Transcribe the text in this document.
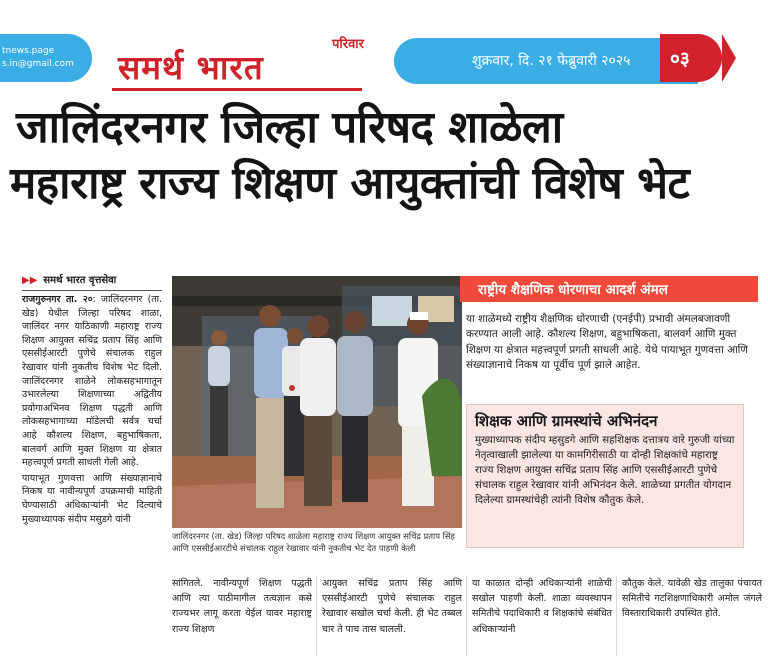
tnews.page
s.in@gmail.com
परिवार
समर्थ भारत	शुक्रवार, दि. २१ फेब्रुवारी २०२५ ०३
जालिंदरनगर जिल्हा परिषद शाळेला
महाराष्ट्र राज्य शिक्षण आयुक्तांची विशेष भेट
▶▶ समर्थ भारत वृत्तसेवा

राजगुरुनगर ता. २०: जालिंदरनगर (ता. खेड) येथील जिल्हा परिषद शाळा, जालिंदर नगर याठिकाणी महाराष्ट्र राज्य शिक्षण आयुक्त सचिंद्र प्रताप सिंह आणि एससीईआरटी पुणेचे संचालक राहुल रेखावार यांनी नुकतीच विशेष भेट दिली. जालिंदरनगर शाळेने लोकसहभागातून उभारलेल्या शिक्षणाच्या अद्वितीय प्रयोगाअभिनव शिक्षण पद्धती आणि लोकसहभागाच्या मॉडेलची सर्वत्र चर्चा आहे कौशल्य शिक्षण, बहुभाषिकता, बालवर्ग आणि मुक्त शिक्षण या क्षेत्रात महत्त्वपूर्ण प्रगती साधली गेली आहे.

पायाभूत गुणवत्ता आणि संख्याज्ञानाचे निकष या नावीन्यपूर्ण उपक्रमाची माहिती घेण्यासाठी अधिकाऱ्यांनी भेट दिल्याचे मुख्याध्यापक संदीप मसुडगे यांनी

जालिंदरनगर (ता. खेड) जिल्हा परिषद शाळेला महाराष्ट्र राज्य शिक्षण आयुक्त सचिंद्र प्रताप सिंह आणि एससीईआरटीचे संचालक राहुल रेखावार यांनी नुकतीच भेट देत पाहणी केली
राष्ट्रीय शैक्षणिक धोरणाचा आदर्श अंमल
या शाळेमध्ये राष्ट्रीय शैक्षणिक धोरणाची (एनईपी) प्रभावी अंमलबजावणी करण्यात आली आहे. कौशल्य शिक्षण, बहुभाषिकता, बालवर्ग आणि मुक्त शिक्षण या क्षेत्रात महत्त्वपूर्ण प्रगती साधली आहे. येथे पायाभूत गुणवत्ता आणि संख्याज्ञानाचे निकष या पूर्वीच पूर्ण झाले आहेत.
शिक्षक आणि ग्रामस्थांचे अभिनंदन

मुख्याध्यापक संदीप म्हसुडगे आणि सहशिक्षक दत्तात्रय वारे गुरुजी यांच्या नेतृत्वाखाली झालेल्या या कामगिरीसाठी या दोन्ही शिक्षकांचे महाराष्ट्र राज्य शिक्षण आयुक्त सचिंद्र प्रताप सिंह आणि एससीईआरटी पुणेचे संचालक राहुल रेखावार यांनी अभिनंदन केले. शाळेच्या प्रगतीत योगदान दिलेल्या ग्रामस्थांचेही त्यांनी विशेष कौतुक केले.

सांगितले. नावीन्यपूर्ण शिक्षण पद्धती आणि त्या पाठीमागील तत्वज्ञान कसे राज्यभर लागू करता येईल यावर महाराष्ट्र राज्य शिक्षण
आयुक्त सचिंद्र प्रताप सिंह आणि एससीईआरटी पुणेचे संचालक राहुल रेखावार सखोल चर्चा केली. ही भेट तब्बल चार ते पाच तास चालली.
या काळात दोन्ही अधिकाऱ्यांनी शाळेची सखोल पाहणी केली. शाळा व्यवस्थापन समितीचे पदाधिकारी व शिक्षकांचे संबंधित अधिकाऱ्यांनी
कौतुक केले. यावेळी खेड तालुका पंचायत समितीचे गटशिक्षणाधिकारी अमोल जंगले विस्ताराधिकारी उपस्थित होते.
